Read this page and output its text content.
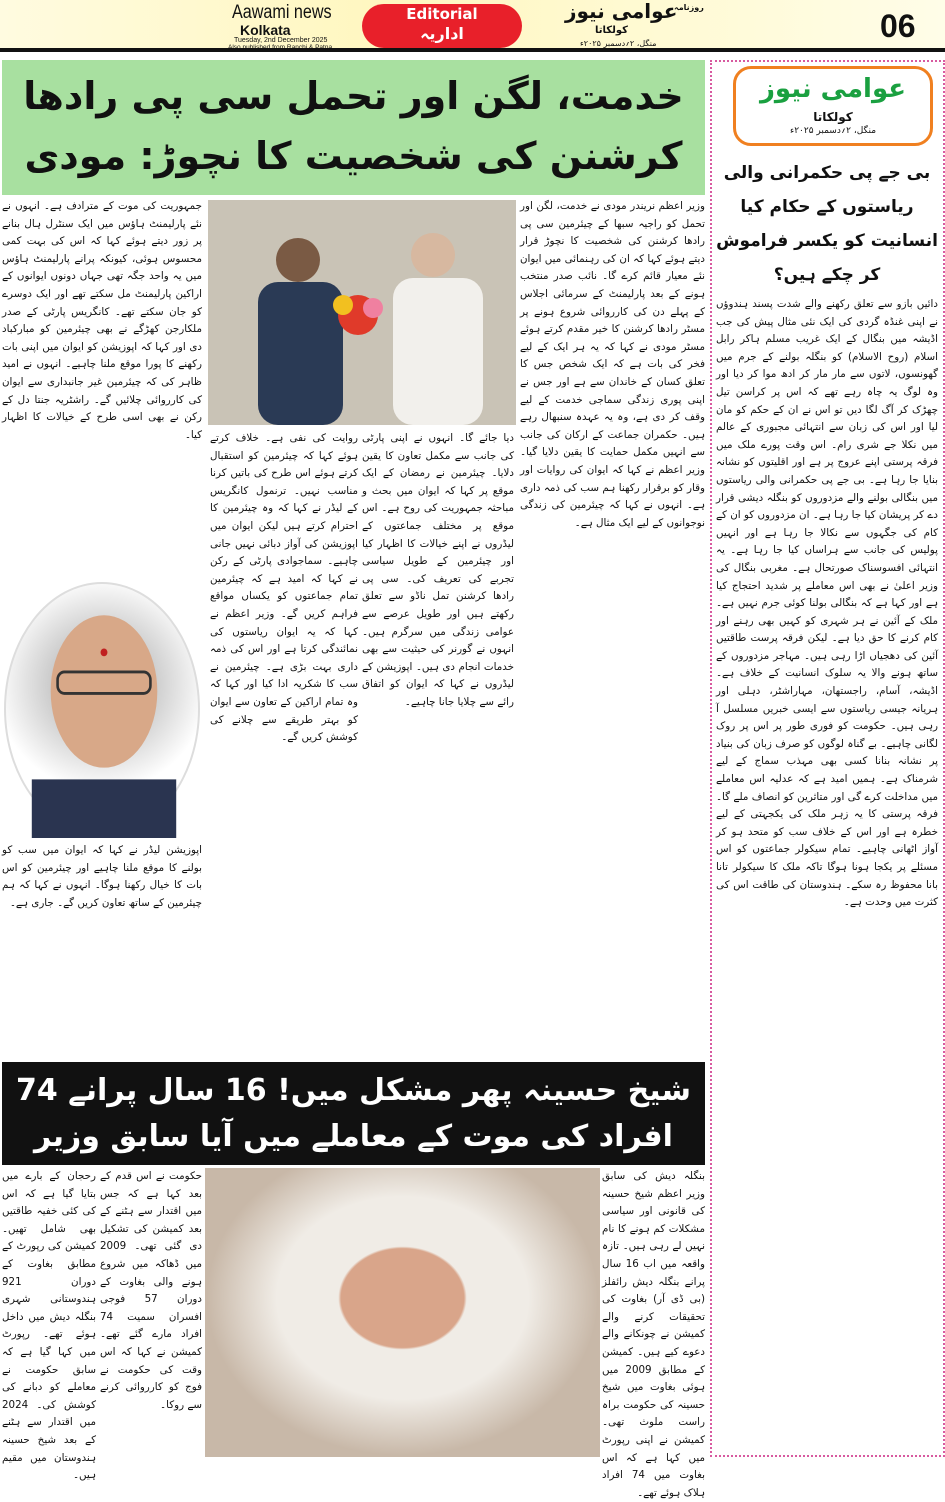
Aawami news
Kolkata
Tuesday, 2nd December 2025
Also published from Ranchi & Patna
Editorial
اداریہ
عوامی نیوز
روزنامہ
کولکاتا
منگل، ۲؍دسمبر ۲۰۲۵ء	06
خدمت، لگن اور تحمل سی پی رادھا کرشنن کی شخصیت کا نچوڑ: مودی
وزیر اعظم نریندر مودی نے خدمت، لگن اور تحمل کو راجیہ سبھا کے چیئرمین سی پی رادھا کرشنن کی شخصیت کا نچوڑ قرار دیتے ہوئے کہا کہ ان کی رہنمائی میں ایوان نئے معیار قائم کرے گا۔ نائب صدر منتخب ہونے کے بعد پارلیمنٹ کے سرمائی اجلاس کے پہلے دن کی کارروائی شروع ہونے پر مسٹر رادھا کرشنن کا خیر مقدم کرتے ہوئے مسٹر مودی نے کہا کہ یہ ہر ایک کے لیے فخر کی بات ہے کہ ایک شخص جس کا تعلق کسان کے خاندان سے ہے اور جس نے اپنی پوری زندگی سماجی خدمت کے لیے وقف کر دی ہے، وہ یہ عہدہ سنبھال رہے ہیں۔ حکمران جماعت کے ارکان کی جانب سے انہیں مکمل حمایت کا یقین دلایا گیا۔ وزیر اعظم نے کہا کہ ایوان کی روایات اور وقار کو برقرار رکھنا ہم سب کی ذمہ داری ہے۔ انہوں نے کہا کہ چیئرمین کی زندگی نوجوانوں کے لیے ایک مثال ہے۔
روایت کی نفی ہے۔ خلاف کرتے ہوئے کہا کہ چیئرمین کو استقبال کرتے ہوئے اس طرح کی باتیں کرنا مناسب نہیں۔ ترنمول کانگریس کے لیڈر نے کہا کہ وہ چیئرمین کا احترام کرتے ہیں لیکن ایوان میں اپوزیشن کی آواز دبائی نہیں جانی چاہیے۔ سماجوادی پارٹی کے رکن نے کہا کہ امید ہے کہ چیئرمین تمام جماعتوں کو یکساں مواقع فراہم کریں گے۔ وزیر اعظم نے کہا کہ یہ ایوان ریاستوں کی نمائندگی کرتا ہے اور اس کی ذمہ داری بہت بڑی ہے۔ چیئرمین نے سب کا شکریہ ادا کیا اور کہا کہ وہ تمام اراکین کے تعاون سے ایوان کو بہتر طریقے سے چلانے کی کوشش کریں گے۔
دیا جائے گا۔ انہوں نے اپنی پارٹی کی جانب سے مکمل تعاون کا یقین دلایا۔ چیئرمین نے رمضان کے ایک موقع پر کہا کہ ایوان میں بحث و مباحثہ جمہوریت کی روح ہے۔ اس موقع پر مختلف جماعتوں کے لیڈروں نے اپنے خیالات کا اظہار کیا اور چیئرمین کے طویل سیاسی تجربے کی تعریف کی۔ سی پی رادھا کرشنن تمل ناڈو سے تعلق رکھتے ہیں اور طویل عرصے سے عوامی زندگی میں سرگرم ہیں۔ انہوں نے گورنر کی حیثیت سے بھی خدمات انجام دی ہیں۔ اپوزیشن کے لیڈروں نے کہا کہ ایوان کو اتفاق رائے سے چلایا جانا چاہیے۔
جمہوریت کی موت کے مترادف ہے۔ انہوں نے نئے پارلیمنٹ ہاؤس میں ایک سنٹرل ہال بنانے پر زور دیتے ہوئے کہا کہ اس کی بہت کمی محسوس ہوئی، کیونکہ پرانے پارلیمنٹ ہاؤس میں یہ واحد جگہ تھی جہاں دونوں ایوانوں کے اراکین پارلیمنٹ مل سکتے تھے اور ایک دوسرے کو جان سکتے تھے۔ کانگریس پارٹی کے صدر ملکارجن کھڑگے نے بھی چیئرمین کو مبارکباد دی اور کہا کہ اپوزیشن کو ایوان میں اپنی بات رکھنے کا پورا موقع ملنا چاہیے۔ انہوں نے امید ظاہر کی کہ چیئرمین غیر جانبداری سے ایوان کی کارروائی چلائیں گے۔ راشٹریہ جنتا دل کے رکن نے بھی اسی طرح کے خیالات کا اظہار کیا۔
اپوزیشن لیڈر نے کہا کہ ایوان میں سب کو بولنے کا موقع ملنا چاہیے اور چیئرمین کو اس بات کا خیال رکھنا ہوگا۔ انہوں نے کہا کہ ہم چیئرمین کے ساتھ تعاون کریں گے۔ جاری ہے۔
شیخ حسینہ پھر مشکل میں! 16 سال پرانے 74 افراد کی موت کے معاملے میں آیا سابق وزیر
بنگلہ دیش کی سابق وزیر اعظم شیخ حسینہ کی قانونی اور سیاسی مشکلات کم ہونے کا نام نہیں لے رہی ہیں۔ تازہ واقعہ میں اب 16 سال پرانے بنگلہ دیش رائفلز (بی ڈی آر) بغاوت کی تحقیقات کرنے والے کمیشن نے چونکانے والے دعوے کیے ہیں۔ کمیشن کے مطابق 2009 میں ہوئی بغاوت میں شیخ حسینہ کی حکومت براہ راست ملوث تھی۔ کمیشن نے اپنی رپورٹ میں کہا ہے کہ اس بغاوت میں 74 افراد ہلاک ہوئے تھے۔
حکومت نے اس قدم کے بعد کہا ہے کہ جس میں اقتدار سے ہٹنے کے بعد کمیشن کی تشکیل دی گئی تھی۔ 2009 میں ڈھاکہ میں شروع ہونے والی بغاوت کے دوران 57 فوجی افسران سمیت 74 افراد مارے گئے تھے۔ کمیشن نے کہا کہ اس وقت کی حکومت نے فوج کو کارروائی کرنے سے روکا۔
رحجان کے بارے میں بتایا گیا ہے کہ اس کی کئی خفیہ طاقتیں بھی شامل تھیں۔ کمیشن کی رپورٹ کے مطابق بغاوت کے دوران 921 ہندوستانی شہری بنگلہ دیش میں داخل ہوئے تھے۔ رپورٹ میں کہا گیا ہے کہ سابق حکومت نے معاملے کو دبانے کی کوشش کی۔ 2024 میں اقتدار سے ہٹنے کے بعد شیخ حسینہ ہندوستان میں مقیم ہیں۔
عوامی نیوز
کولکاتا
منگل، ۲؍دسمبر ۲۰۲۵ء
بی جے پی حکمرانی والی ریاستوں کے حکام کیا انسانیت کو یکسر فراموش کر چکے ہیں؟
دائیں بازو سے تعلق رکھنے والے شدت پسند ہندوؤں نے اپنی غنڈہ گردی کی ایک نئی مثال پیش کی جب اڈیشہ میں بنگال کے ایک غریب مسلم ہاکر رابل اسلام (روح الاسلام) کو بنگلہ بولنے کے جرم میں گھونسوں، لاتوں سے مار مار کر ادھ موا کر دیا اور وہ لوگ یہ چاہ رہے تھے کہ اس پر کراسن تیل چھڑک کر آگ لگا دیں تو اس نے ان کے حکم کو مان لیا اور اس کی زبان سے انتہائی مجبوری کے عالم میں نکلا جے شری رام۔ اس وقت پورے ملک میں فرقہ پرستی اپنے عروج پر ہے اور اقلیتوں کو نشانہ بنایا جا رہا ہے۔ بی جے پی حکمرانی والی ریاستوں میں بنگالی بولنے والے مزدوروں کو بنگلہ دیشی قرار دے کر پریشان کیا جا رہا ہے۔ ان مزدوروں کو ان کے کام کی جگہوں سے نکالا جا رہا ہے اور انہیں پولیس کی جانب سے ہراساں کیا جا رہا ہے۔ یہ انتہائی افسوسناک صورتحال ہے۔ مغربی بنگال کی وزیر اعلیٰ نے بھی اس معاملے پر شدید احتجاج کیا ہے اور کہا ہے کہ بنگالی بولنا کوئی جرم نہیں ہے۔ ملک کے آئین نے ہر شہری کو کہیں بھی رہنے اور کام کرنے کا حق دیا ہے۔ لیکن فرقہ پرست طاقتیں آئین کی دھجیاں اڑا رہی ہیں۔ مہاجر مزدوروں کے ساتھ ہونے والا یہ سلوک انسانیت کے خلاف ہے۔ اڈیشہ، آسام، راجستھان، مہاراشٹر، دہلی اور ہریانہ جیسی ریاستوں سے ایسی خبریں مسلسل آ رہی ہیں۔ حکومت کو فوری طور پر اس پر روک لگانی چاہیے۔ بے گناہ لوگوں کو صرف زبان کی بنیاد پر نشانہ بنانا کسی بھی مہذب سماج کے لیے شرمناک ہے۔ ہمیں امید ہے کہ عدلیہ اس معاملے میں مداخلت کرے گی اور متاثرین کو انصاف ملے گا۔ فرقہ پرستی کا یہ زہر ملک کی یکجہتی کے لیے خطرہ ہے اور اس کے خلاف سب کو متحد ہو کر آواز اٹھانی چاہیے۔ تمام سیکولر جماعتوں کو اس مسئلے پر یکجا ہونا ہوگا تاکہ ملک کا سیکولر تانا بانا محفوظ رہ سکے۔ ہندوستان کی طاقت اس کی کثرت میں وحدت ہے۔
